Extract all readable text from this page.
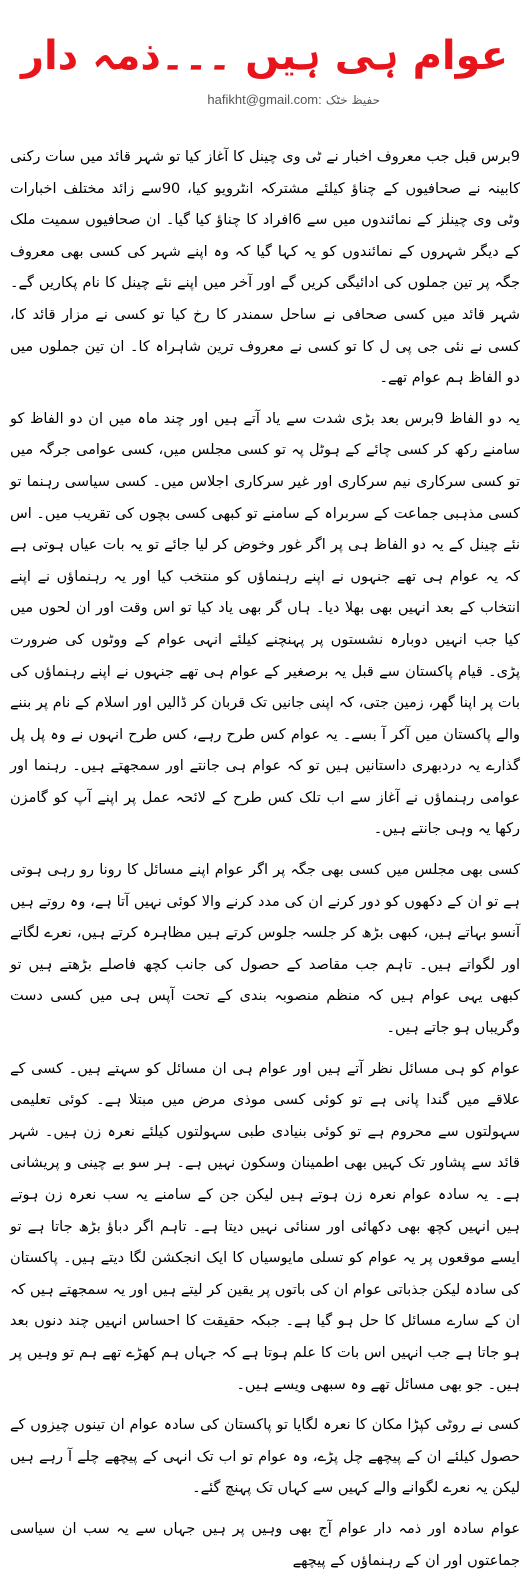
عوام ہی ہیں ۔۔۔ذمہ دار
حفیظ خٹک hafikht@gmail.com:

9برس قبل جب معروف اخبار نے ٹی وی چینل کا آغاز کیا تو شہر قائد میں سات رکنی کابینہ نے صحافیوں کے چناؤ کیلئے مشترکہ انٹرویو کیا، 90سے زائد مختلف اخبارات وٹی وی چینلز کے نمائندوں میں سے 6افراد کا چناؤ کیا گیا۔ ان صحافیوں سمیت ملک کے دیگر شہروں کے نمائندوں کو یہ کہا گیا کہ وہ اپنے شہر کی کسی بھی معروف جگہ پر تین جملوں کی ادائیگی کریں گے اور آخر میں اپنے نئے چینل کا نام پکاریں گے۔ شہر قائد میں کسی صحافی نے ساحل سمندر کا رخ کیا تو کسی نے مزار قائد کا، کسی نے نئی جی پی ل کا تو کسی نے معروف ترین شاہراہ کا۔ ان تین جملوں میں دو الفاظ ہم عوام تھے۔

یہ دو الفاظ 9برس بعد بڑی شدت سے یاد آتے ہیں اور چند ماہ میں ان دو الفاظ کو سامنے رکھ کر کسی چائے کے ہوٹل پہ تو کسی مجلس میں، کسی عوامی جرگہ میں تو کسی سرکاری نیم سرکاری اور غیر سرکاری اجلاس میں۔ کسی سیاسی رہنما تو کسی مذہبی جماعت کے سربراہ کے سامنے تو کبھی کسی بچوں کی تقریب میں۔ اس نئے چینل کے یہ دو الفاظ ہی پر اگر غور وخوض کر لیا جائے تو یہ بات عیاں ہوتی ہے کہ یہ عوام ہی تھے جنہوں نے اپنے رہنماؤں کو منتخب کیا اور یہ رہنماؤں نے اپنے انتخاب کے بعد انہیں بھی بھلا دیا۔ ہاں گر بھی یاد کیا تو اس وقت اور ان لحوں میں کیا جب انہیں دوبارہ نشستوں پر پہنچنے کیلئے انہی عوام کے ووٹوں کی ضرورت پڑی۔ قیام پاکستان سے قبل یہ برصغیر کے عوام ہی تھے جنہوں نے اپنے رہنماؤں کی بات پر اپنا گھر، زمین جتی، کہ اپنی جانیں تک قربان کر ڈالیں اور اسلام کے نام پر بننے والے پاکستان میں آکر آ بسے۔ یہ عوام کس طرح رہے، کس طرح انہوں نے وہ پل پل گذارے یہ دردبھری داستانیں ہیں تو کہ عوام ہی جانتے اور سمجھتے ہیں۔ رہنما اور عوامی رہنماؤں نے آغاز سے اب تلک کس طرح کے لائحہ عمل پر اپنے آپ کو گامزن رکھا یہ وہی جانتے ہیں۔

کسی بھی مجلس میں کسی بھی جگہ پر اگر عوام اپنے مسائل کا رونا رو رہی ہوتی ہے تو ان کے دکھوں کو دور کرنے ان کی مدد کرنے والا کوئی نہیں آتا ہے، وہ روتے ہیں آنسو بہاتے ہیں، کبھی بڑھ کر جلسہ جلوس کرتے ہیں مظاہرہ کرتے ہیں، نعرے لگاتے اور لگواتے ہیں۔ تاہم جب مقاصد کے حصول کی جانب کچھ فاصلے بڑھتے ہیں تو کبھی یہی عوام ہیں کہ منظم منصوبہ بندی کے تحت آپس ہی میں کسی دست وگریباں ہو جاتے ہیں۔

عوام کو ہی مسائل نظر آتے ہیں اور عوام ہی ان مسائل کو سہتے ہیں۔ کسی کے علاقے میں گندا پانی ہے تو کوئی کسی موذی مرض میں مبتلا ہے۔ کوئی تعلیمی سہولتوں سے محروم ہے تو کوئی بنیادی طبی سہولتوں کیلئے نعرہ زن ہیں۔ شہر قائد سے پشاور تک کہیں بھی اطمینان وسکون نہیں ہے۔ ہر سو بے چینی و پریشانی ہے۔ یہ سادہ عوام نعرہ زن ہوتے ہیں لیکن جن کے سامنے یہ سب نعرہ زن ہوتے ہیں انہیں کچھ بھی دکھائی اور سنائی نہیں دیتا ہے۔ تاہم اگر دباؤ بڑھ جاتا ہے تو ایسے موقعوں پر یہ عوام کو تسلی مایوسیاں کا ایک انجکشن لگا دیتے ہیں۔ پاکستان کی سادہ لیکن جذباتی عوام ان کی باتوں پر یقین کر لیتے ہیں اور یہ سمجھتے ہیں کہ ان کے سارے مسائل کا حل ہو گیا ہے۔ جبکہ حقیقت کا احساس انہیں چند دنوں بعد ہو جاتا ہے جب انہیں اس بات کا علم ہوتا ہے کہ جہاں ہم کھڑے تھے ہم تو وہیں پر ہیں۔ جو بھی مسائل تھے وہ سبھی ویسے ہیں۔

کسی نے روٹی کپڑا مکان کا نعرہ لگایا تو پاکستان کی سادہ عوام ان تینوں چیزوں کے حصول کیلئے ان کے پیچھے چل پڑے، وہ عوام تو اب تک انہی کے پیچھے چلے آ رہے ہیں لیکن یہ نعرے لگوانے والے کہیں سے کہاں تک پہنچ گئے۔

عوام سادہ اور ذمہ دار عوام آج بھی وہیں پر ہیں جہاں سے یہ سب ان سیاسی جماعتوں اور ان کے رہنماؤں کے پیچھے
